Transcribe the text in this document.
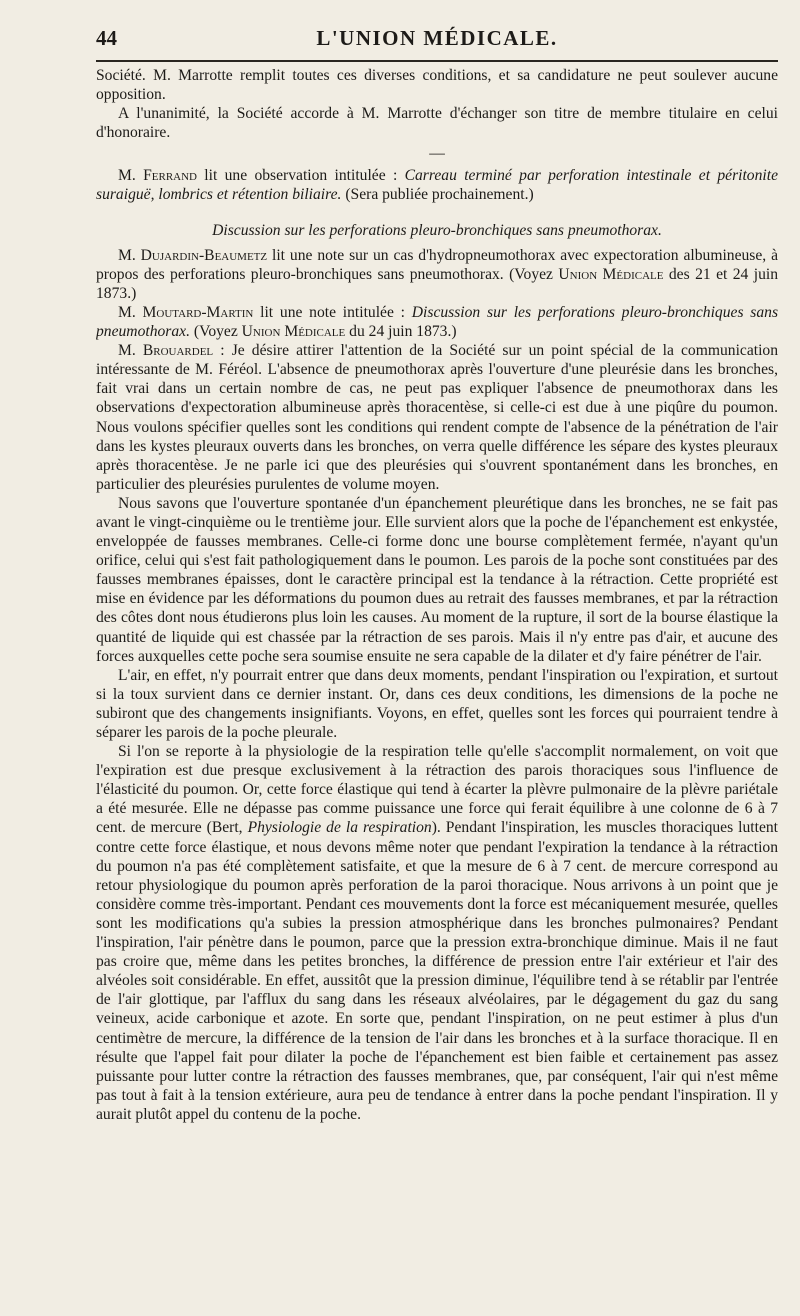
44	L'UNION MÉDICALE.

Société. M. Marrotte remplit toutes ces diverses conditions, et sa candidature ne peut soulever aucune opposition.

A l'unanimité, la Société accorde à M. Marrotte d'échanger son titre de membre titulaire en celui d'honoraire.

—

M. Ferrand lit une observation intitulée : Carreau terminé par perforation intestinale et péritonite suraiguë, lombrics et rétention biliaire. (Sera publiée prochainement.)

Discussion sur les perforations pleuro-bronchiques sans pneumothorax.

M. Dujardin-Beaumetz lit une note sur un cas d'hydropneumothorax avec expectoration albumineuse, à propos des perforations pleuro-bronchiques sans pneumothorax. (Voyez Union Médicale des 21 et 24 juin 1873.)

M. Moutard-Martin lit une note intitulée : Discussion sur les perforations pleuro-bronchiques sans pneumothorax. (Voyez Union Médicale du 24 juin 1873.)

M. Brouardel : Je désire attirer l'attention de la Société sur un point spécial de la communication intéressante de M. Féréol. L'absence de pneumothorax après l'ouverture d'une pleurésie dans les bronches, fait vrai dans un certain nombre de cas, ne peut pas expliquer l'absence de pneumothorax dans les observations d'expectoration albumineuse après thoracentèse, si celle-ci est due à une piqûre du poumon. Nous voulons spécifier quelles sont les conditions qui rendent compte de l'absence de la pénétration de l'air dans les kystes pleuraux ouverts dans les bronches, on verra quelle différence les sépare des kystes pleuraux après thoracentèse. Je ne parle ici que des pleurésies qui s'ouvrent spontanément dans les bronches, en particulier des pleurésies purulentes de volume moyen.

Nous savons que l'ouverture spontanée d'un épanchement pleurétique dans les bronches, ne se fait pas avant le vingt-cinquième ou le trentième jour. Elle survient alors que la poche de l'épanchement est enkystée, enveloppée de fausses membranes. Celle-ci forme donc une bourse complètement fermée, n'ayant qu'un orifice, celui qui s'est fait pathologiquement dans le poumon. Les parois de la poche sont constituées par des fausses membranes épaisses, dont le caractère principal est la tendance à la rétraction. Cette propriété est mise en évidence par les déformations du poumon dues au retrait des fausses membranes, et par la rétraction des côtes dont nous étudierons plus loin les causes. Au moment de la rupture, il sort de la bourse élastique la quantité de liquide qui est chassée par la rétraction de ses parois. Mais il n'y entre pas d'air, et aucune des forces auxquelles cette poche sera soumise ensuite ne sera capable de la dilater et d'y faire pénétrer de l'air.

L'air, en effet, n'y pourrait entrer que dans deux moments, pendant l'inspiration ou l'expiration, et surtout si la toux survient dans ce dernier instant. Or, dans ces deux conditions, les dimensions de la poche ne subiront que des changements insignifiants. Voyons, en effet, quelles sont les forces qui pourraient tendre à séparer les parois de la poche pleurale.

Si l'on se reporte à la physiologie de la respiration telle qu'elle s'accomplit normalement, on voit que l'expiration est due presque exclusivement à la rétraction des parois thoraciques sous l'influence de l'élasticité du poumon. Or, cette force élastique qui tend à écarter la plèvre pulmonaire de la plèvre pariétale a été mesurée. Elle ne dépasse pas comme puissance une force qui ferait équilibre à une colonne de 6 à 7 cent. de mercure (Bert, Physiologie de la respiration). Pendant l'inspiration, les muscles thoraciques luttent contre cette force élastique, et nous devons même noter que pendant l'expiration la tendance à la rétraction du poumon n'a pas été complètement satisfaite, et que la mesure de 6 à 7 cent. de mercure correspond au retour physiologique du poumon après perforation de la paroi thoracique. Nous arrivons à un point que je considère comme très-important. Pendant ces mouvements dont la force est mécaniquement mesurée, quelles sont les modifications qu'a subies la pression atmosphérique dans les bronches pulmonaires? Pendant l'inspiration, l'air pénètre dans le poumon, parce que la pression extra-bronchique diminue. Mais il ne faut pas croire que, même dans les petites bronches, la différence de pression entre l'air extérieur et l'air des alvéoles soit considérable. En effet, aussitôt que la pression diminue, l'équilibre tend à se rétablir par l'entrée de l'air glottique, par l'afflux du sang dans les réseaux alvéolaires, par le dégagement du gaz du sang veineux, acide carbonique et azote. En sorte que, pendant l'inspiration, on ne peut estimer à plus d'un centimètre de mercure, la différence de la tension de l'air dans les bronches et à la surface thoracique. Il en résulte que l'appel fait pour dilater la poche de l'épanchement est bien faible et certainement pas assez puissante pour lutter contre la rétraction des fausses membranes, que, par conséquent, l'air qui n'est même pas tout à fait à la tension extérieure, aura peu de tendance à entrer dans la poche pendant l'inspiration. Il y aurait plutôt appel du contenu de la poche.
